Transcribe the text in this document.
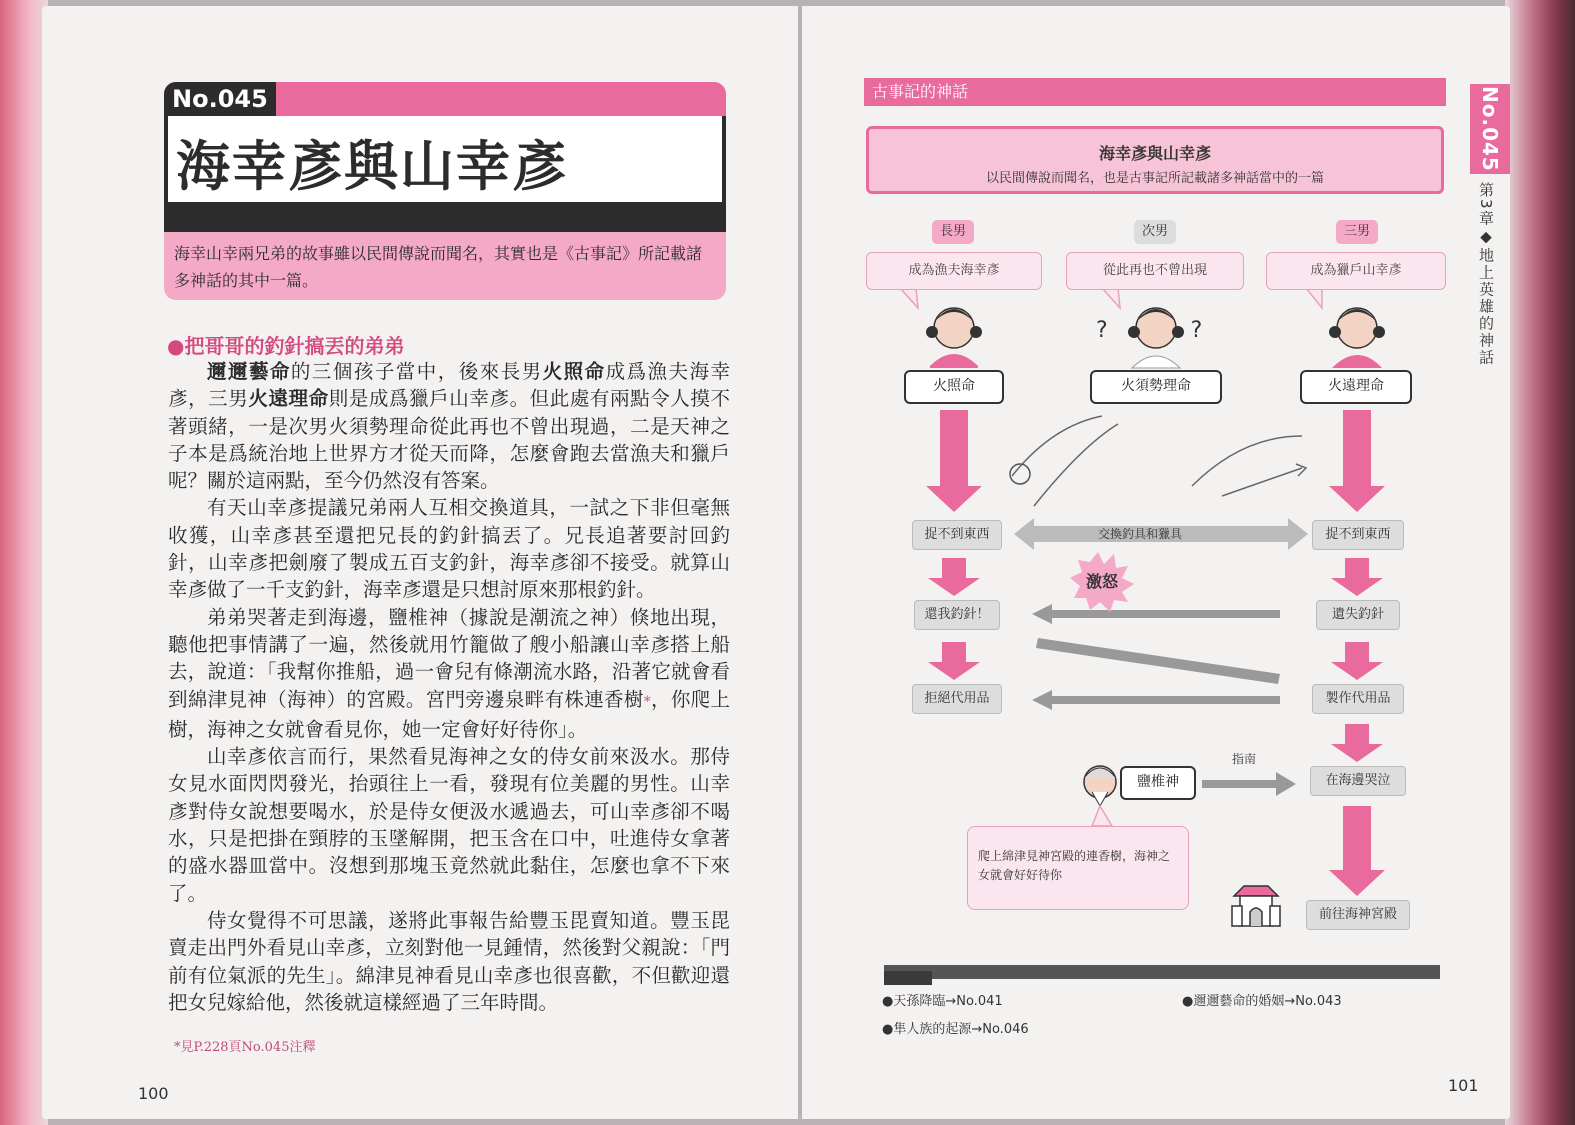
No.045
海幸彥與山幸彥
海幸山幸兩兄弟的故事雖以民間傳說而聞名，其實也是《古事記》所記載諸多神話的其中一篇。
●把哥哥的釣針搞丟的弟弟

邇邇藝命的三個孩子當中，後來長男火照命成爲漁夫海幸彥，三男火遠理命則是成爲獵戶山幸彥。但此處有兩點令人摸不著頭緒，一是次男火須勢理命從此再也不曾出現過，二是天神之子本是爲統治地上世界方才從天而降，怎麼會跑去當漁夫和獵戶呢？關於這兩點，至今仍然沒有答案。

有天山幸彥提議兄弟兩人互相交換道具，一試之下非但毫無收獲，山幸彥甚至還把兄長的釣針搞丟了。兄長追著要討回釣針，山幸彥把劍廢了製成五百支釣針，海幸彥卻不接受。就算山幸彥做了一千支釣針，海幸彥還是只想討原來那根釣針。

弟弟哭著走到海邊，鹽椎神（據說是潮流之神）倏地出現，聽他把事情講了一遍，然後就用竹籠做了艘小船讓山幸彥搭上船去，說道：「我幫你推船，過一會兒有條潮流水路，沿著它就會看到綿津見神（海神）的宮殿。宮門旁邊泉畔有株連香樹*，你爬上樹，海神之女就會看見你，她一定會好好待你」。

山幸彥依言而行，果然看見海神之女的侍女前來汲水。那侍女見水面閃閃發光，抬頭往上一看，發現有位美麗的男性。山幸彥對侍女說想要喝水，於是侍女便汲水遞過去，可山幸彥卻不喝水，只是把掛在頸脖的玉墜解開，把玉含在口中，吐進侍女拿著的盛水器皿當中。沒想到那塊玉竟然就此黏住，怎麼也拿不下來了。

侍女覺得不可思議，遂將此事報告給豐玉毘賣知道。豐玉毘賣走出門外看見山幸彥，立刻對他一見鍾情，然後對父親說：「門前有位氣派的先生」。綿津見神看見山幸彥也很喜歡，不但歡迎還把女兒嫁給他，然後就這樣經過了三年時間。

*見P.228頁No.045注釋
100
古事記的神話	No.045
第3章◆地上英雄的神話
海幸彥與山幸彥
以民間傳說而聞名，也是古事記所記載諸多神話當中的一篇
長男	次男	三男
成為漁夫海幸彥	從此再也不曾出現	成為獵戶山幸彥
? ?
火照命	火須勢理命	火遠理命
捉不到東西	捉不到東西
交換釣具和獵具
激怒
還我釣針！	遺失釣針
拒絕代用品	製作代用品
鹽椎神
指南
在海邊哭泣
前往海神宮殿
爬上綿津見神宮殿的連香樹，海神之女就會好好待你
關聯項目
●天孫降臨→No.041	●邇邇藝命的婚姻→No.043
●隼人族的起源→No.046
101
